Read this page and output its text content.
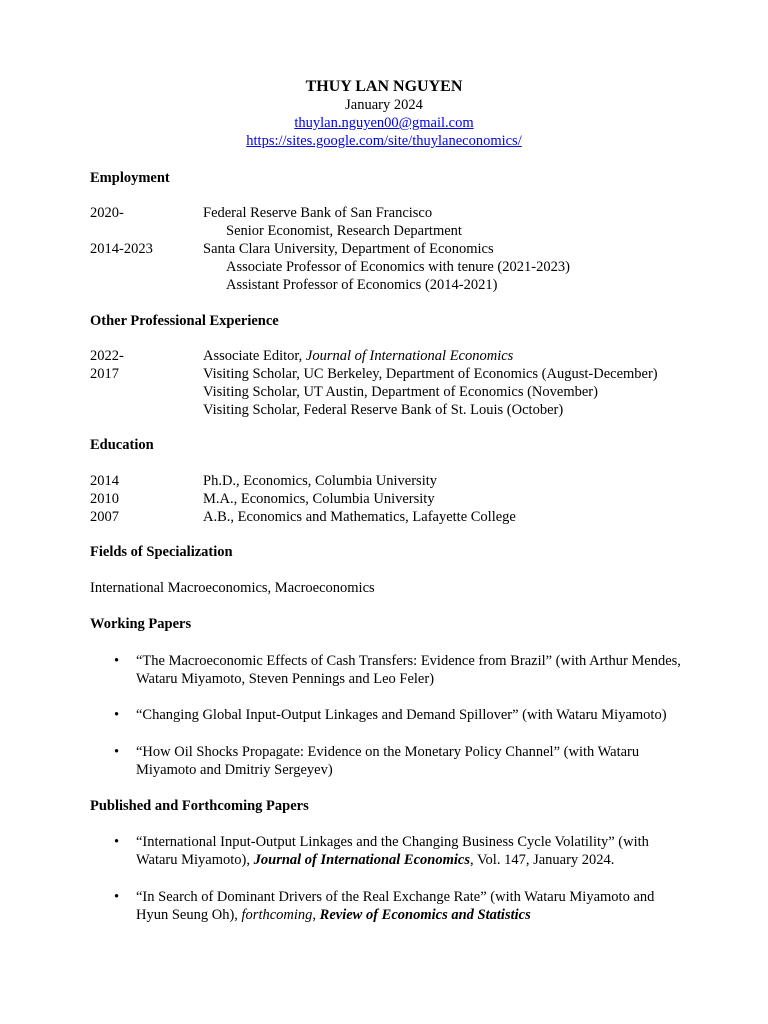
THUY LAN NGUYEN
January 2024
thuylan.nguyen00@gmail.com
https://sites.google.com/site/thuylaneconomics/
Employment
2020-	Federal Reserve Bank of San Francisco
Senior Economist, Research Department
2014-2023	Santa Clara University, Department of Economics
Associate Professor of Economics with tenure (2021-2023)
Assistant Professor of Economics (2014-2021)
Other Professional Experience
2022-	Associate Editor, Journal of International Economics
2017	Visiting Scholar, UC Berkeley, Department of Economics (August-December)
Visiting Scholar, UT Austin, Department of Economics (November)
Visiting Scholar, Federal Reserve Bank of St. Louis (October)
Education
2014	Ph.D., Economics, Columbia University
2010	M.A., Economics, Columbia University
2007	A.B., Economics and Mathematics, Lafayette College
Fields of Specialization
International Macroeconomics, Macroeconomics
Working Papers
• “The Macroeconomic Effects of Cash Transfers: Evidence from Brazil” (with Arthur Mendes,
Wataru Miyamoto, Steven Pennings and Leo Feler)
• “Changing Global Input-Output Linkages and Demand Spillover” (with Wataru Miyamoto)
• “How Oil Shocks Propagate: Evidence on the Monetary Policy Channel” (with Wataru
Miyamoto and Dmitriy Sergeyev)
Published and Forthcoming Papers
• “International Input-Output Linkages and the Changing Business Cycle Volatility” (with
Wataru Miyamoto), Journal of International Economics, Vol. 147, January 2024.
• “In Search of Dominant Drivers of the Real Exchange Rate” (with Wataru Miyamoto and
Hyun Seung Oh), forthcoming, Review of Economics and Statistics
